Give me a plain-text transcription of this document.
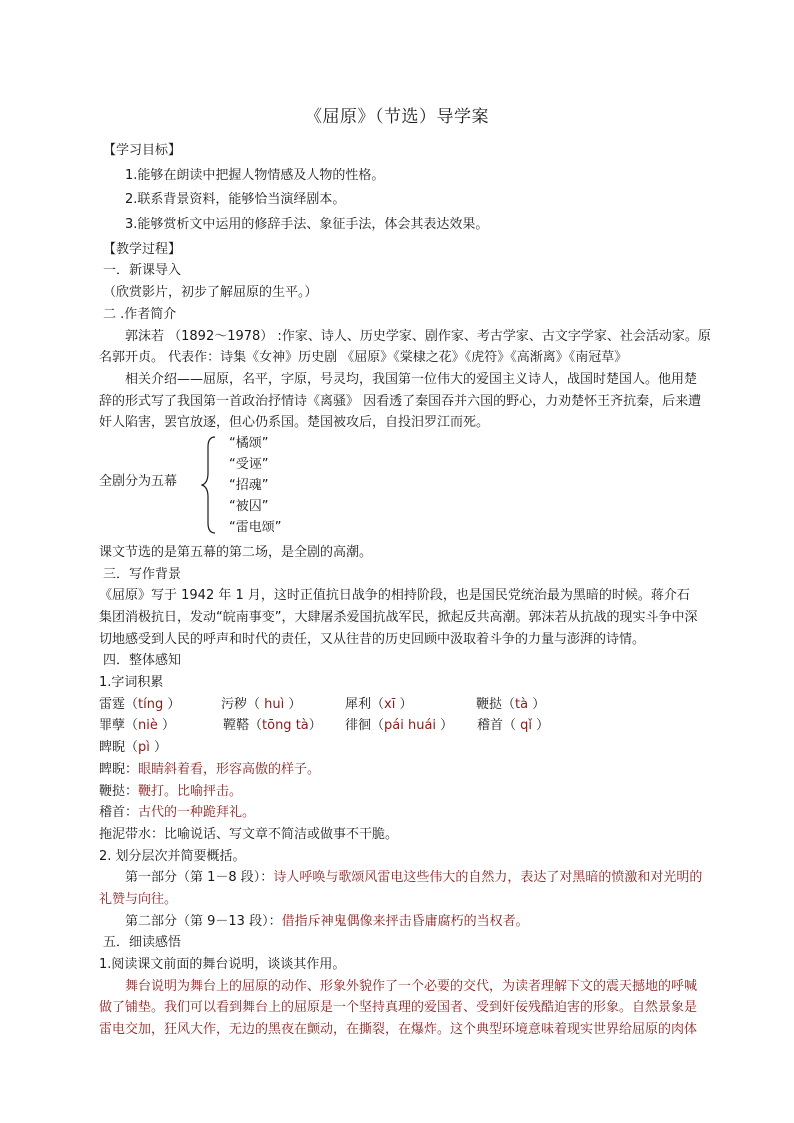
《屈原》（节选）导学案
【学习目标】
1.能够在朗读中把握人物情感及人物的性格。
2.联系背景资料，能够恰当演绎剧本。
3.能够赏析文中运用的修辞手法、象征手法，体会其表达效果。
【教学过程】
一．新课导入
（欣赏影片，初步了解屈原的生平。）
二 .作者简介
郭沫若 （1892～1978） :作家、诗人、历史学家、剧作家、考古学家、古文字学家、社会活动家。原
名郭开贞。 代表作：诗集《女神》历史剧 《屈原》《棠棣之花》《虎符》《高渐离》《南冠草》
相关介绍——屈原，名平，字原，号灵均，我国第一位伟大的爱国主义诗人，战国时楚国人。他用楚
辞的形式写了我国第一首政治抒情诗《离骚》 因看透了秦国吞并六国的野心，力劝楚怀王齐抗秦，后来遭
奸人陷害，罢官放逐，但心仍系国。楚国被攻后，自投汨罗江而死。
全剧分为五幕
“橘颂”
“受诬”
“招魂”
“被囚”
“雷电颂”
课文节选的是第五幕的第二场，是全剧的高潮。
三．写作背景
《屈原》写于 1942 年 1 月，这时正值抗日战争的相持阶段，也是国民党统治最为黑暗的时候。蒋介石
集团消极抗日，发动“皖南事变”，大肆屠杀爱国抗战军民，掀起反共高潮。郭沫若从抗战的现实斗争中深
切地感受到人民的呼声和时代的责任，又从往昔的历史回顾中汲取着斗争的力量与澎湃的诗情。
四．整体感知
1.字词积累
雷霆（tíng ）	污秽（ huì ）	犀利（xī ）	鞭挞（tà ）
罪孽（niè ）	鞺鞳（tōng tà） 徘徊（pái huái ） 稽首（ qǐ ）
睥睨（pì ）
睥睨：眼睛斜着看，形容高傲的样子。
鞭挞：鞭打。比喻抨击。
稽首：古代的一种跪拜礼。
拖泥带水：比喻说话、写文章不简洁或做事不干脆。
2. 划分层次并简要概括。
第一部分（第 1－8 段）：诗人呼唤与歌颂风雷电这些伟大的自然力，表达了对黑暗的愤激和对光明的
礼赞与向往。
第二部分（第 9－13 段）：借指斥神鬼偶像来抨击昏庸腐朽的当权者。
五．细读感悟
1.阅读课文前面的舞台说明，谈谈其作用。
舞台说明为舞台上的屈原的动作、形象外貌作了一个必要的交代，为读者理解下文的震天撼地的呼喊
做了铺垫。我们可以看到舞台上的屈原是一个坚持真理的爱国者、受到奸佞残酷迫害的形象。自然景象是
雷电交加，狂风大作，无边的黑夜在颤动，在撕裂，在爆炸。这个典型环境意味着现实世界给屈原的肉体
